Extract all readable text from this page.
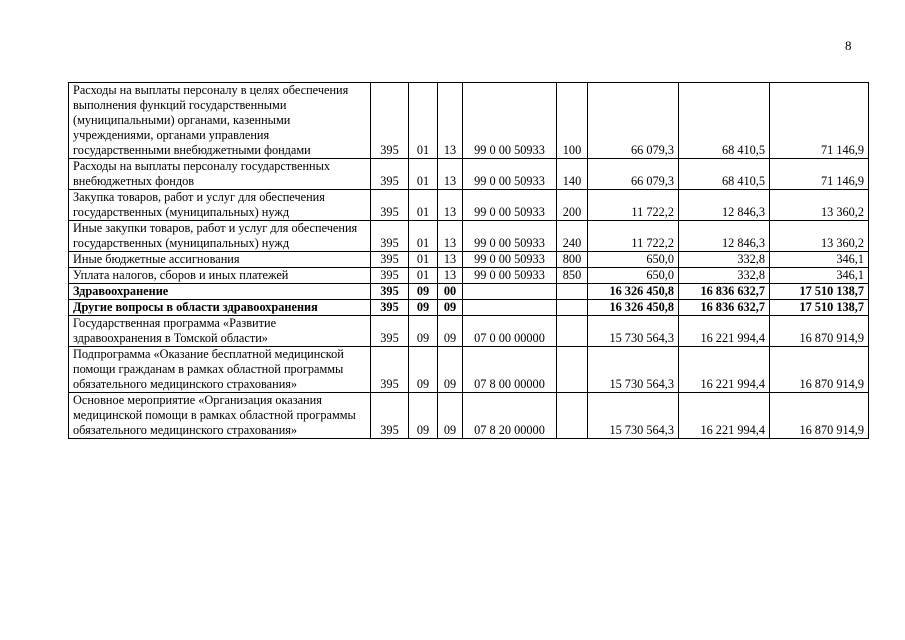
8
Расходы на выплаты персоналу в целях обеспечения выполнения функций государственными (муниципальными) органами, казенными учреждениями, органами управления государственными внебюджетными фондами	395	01	13	99 0 00 50933	100	66 079,3	68 410,5	71 146,9
Расходы на выплаты персоналу государственных внебюджетных фондов	395	01	13	99 0 00 50933	140	66 079,3	68 410,5	71 146,9
Закупка товаров, работ и услуг для обеспечения государственных (муниципальных) нужд	395	01	13	99 0 00 50933	200	11 722,2	12 846,3	13 360,2
Иные закупки товаров, работ и услуг для обеспечения государственных (муниципальных) нужд	395	01	13	99 0 00 50933	240	11 722,2	12 846,3	13 360,2
Иные бюджетные ассигнования	395	01	13	99 0 00 50933	800	650,0	332,8	346,1
Уплата налогов, сборов и иных платежей	395	01	13	99 0 00 50933	850	650,0	332,8	346,1
Здравоохранение	395	09	00			16 326 450,8	16 836 632,7	17 510 138,7
Другие вопросы в области здравоохранения	395	09	09			16 326 450,8	16 836 632,7	17 510 138,7
Государственная программа «Развитие здравоохранения в Томской области»	395	09	09	07 0 00 00000		15 730 564,3	16 221 994,4	16 870 914,9
Подпрограмма «Оказание бесплатной медицинской помощи гражданам в рамках областной программы обязательного медицинского страхования»	395	09	09	07 8 00 00000		15 730 564,3	16 221 994,4	16 870 914,9
Основное мероприятие «Организация оказания медицинской помощи в рамках областной программы обязательного медицинского страхования»	395	09	09	07 8 20 00000		15 730 564,3	16 221 994,4	16 870 914,9
